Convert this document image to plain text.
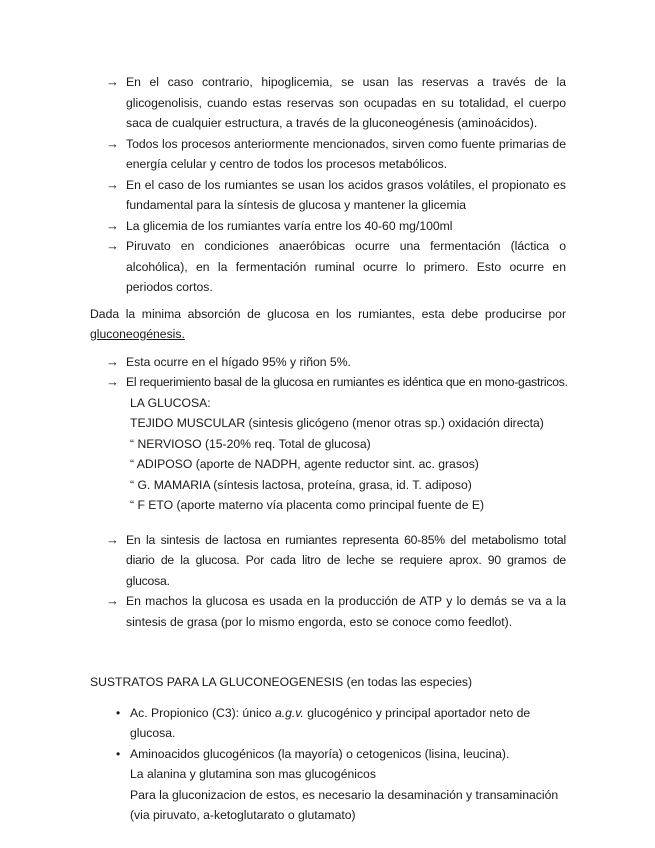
→ En el caso contrario, hipoglicemia, se usan las reservas a través de la glicogenolisis, cuando estas reservas son ocupadas en su totalidad, el cuerpo saca de cualquier estructura, a través de la gluconeogénesis (aminoácidos).
→ Todos los procesos anteriormente mencionados, sirven como fuente primarias de energía celular y centro de todos los procesos metabólicos.
→ En el caso de los rumiantes se usan los acidos grasos volátiles, el propionato es fundamental para la síntesis de glucosa y mantener la glicemia
→ La glicemia de los rumiantes varía entre los 40-60 mg/100ml
→ Piruvato en condiciones anaeróbicas ocurre una fermentación (láctica o alcohólica), en la fermentación ruminal ocurre lo primero. Esto ocurre en periodos cortos.

Dada la minima absorción de glucosa en los rumiantes, esta debe producirse por gluconeogénesis.

→ Esta ocurre en el hígado 95% y riñon 5%.
→ El requerimiento basal de la glucosa en rumiantes es idéntica que en mono-gastricos.
LA GLUCOSA:
TEJIDO MUSCULAR (sintesis glicógeno (menor otras sp.) oxidación directa)
“ NERVIOSO (15-20% req. Total de glucosa)
“ ADIPOSO (aporte de NADPH, agente reductor sint. ac. grasos)
“ G. MAMARIA (síntesis lactosa, proteína, grasa, id. T. adiposo)
“ F ETO (aporte materno vía placenta como principal fuente de E)
→ En la sintesis de lactosa en rumiantes representa 60-85% del metabolismo total diario de la glucosa. Por cada litro de leche se requiere aprox. 90 gramos de glucosa.
→ En machos la glucosa es usada en la producción de ATP y lo demás se va a la sintesis de grasa (por lo mismo engorda, esto se conoce como feedlot).

SUSTRATOS PARA LA GLUCONEOGENESIS (en todas las especies)

• Ac. Propionico (C3): único a.g.v. glucogénico y principal aportador neto de glucosa.
• Aminoacidos glucogénicos (la mayoría) o cetogenicos (lisina, leucina).
La alanina y glutamina son mas glucogénicos
Para la gluconizacion de estos, es necesario la desaminación y transaminación
(via piruvato, a-ketoglutarato o glutamato)
